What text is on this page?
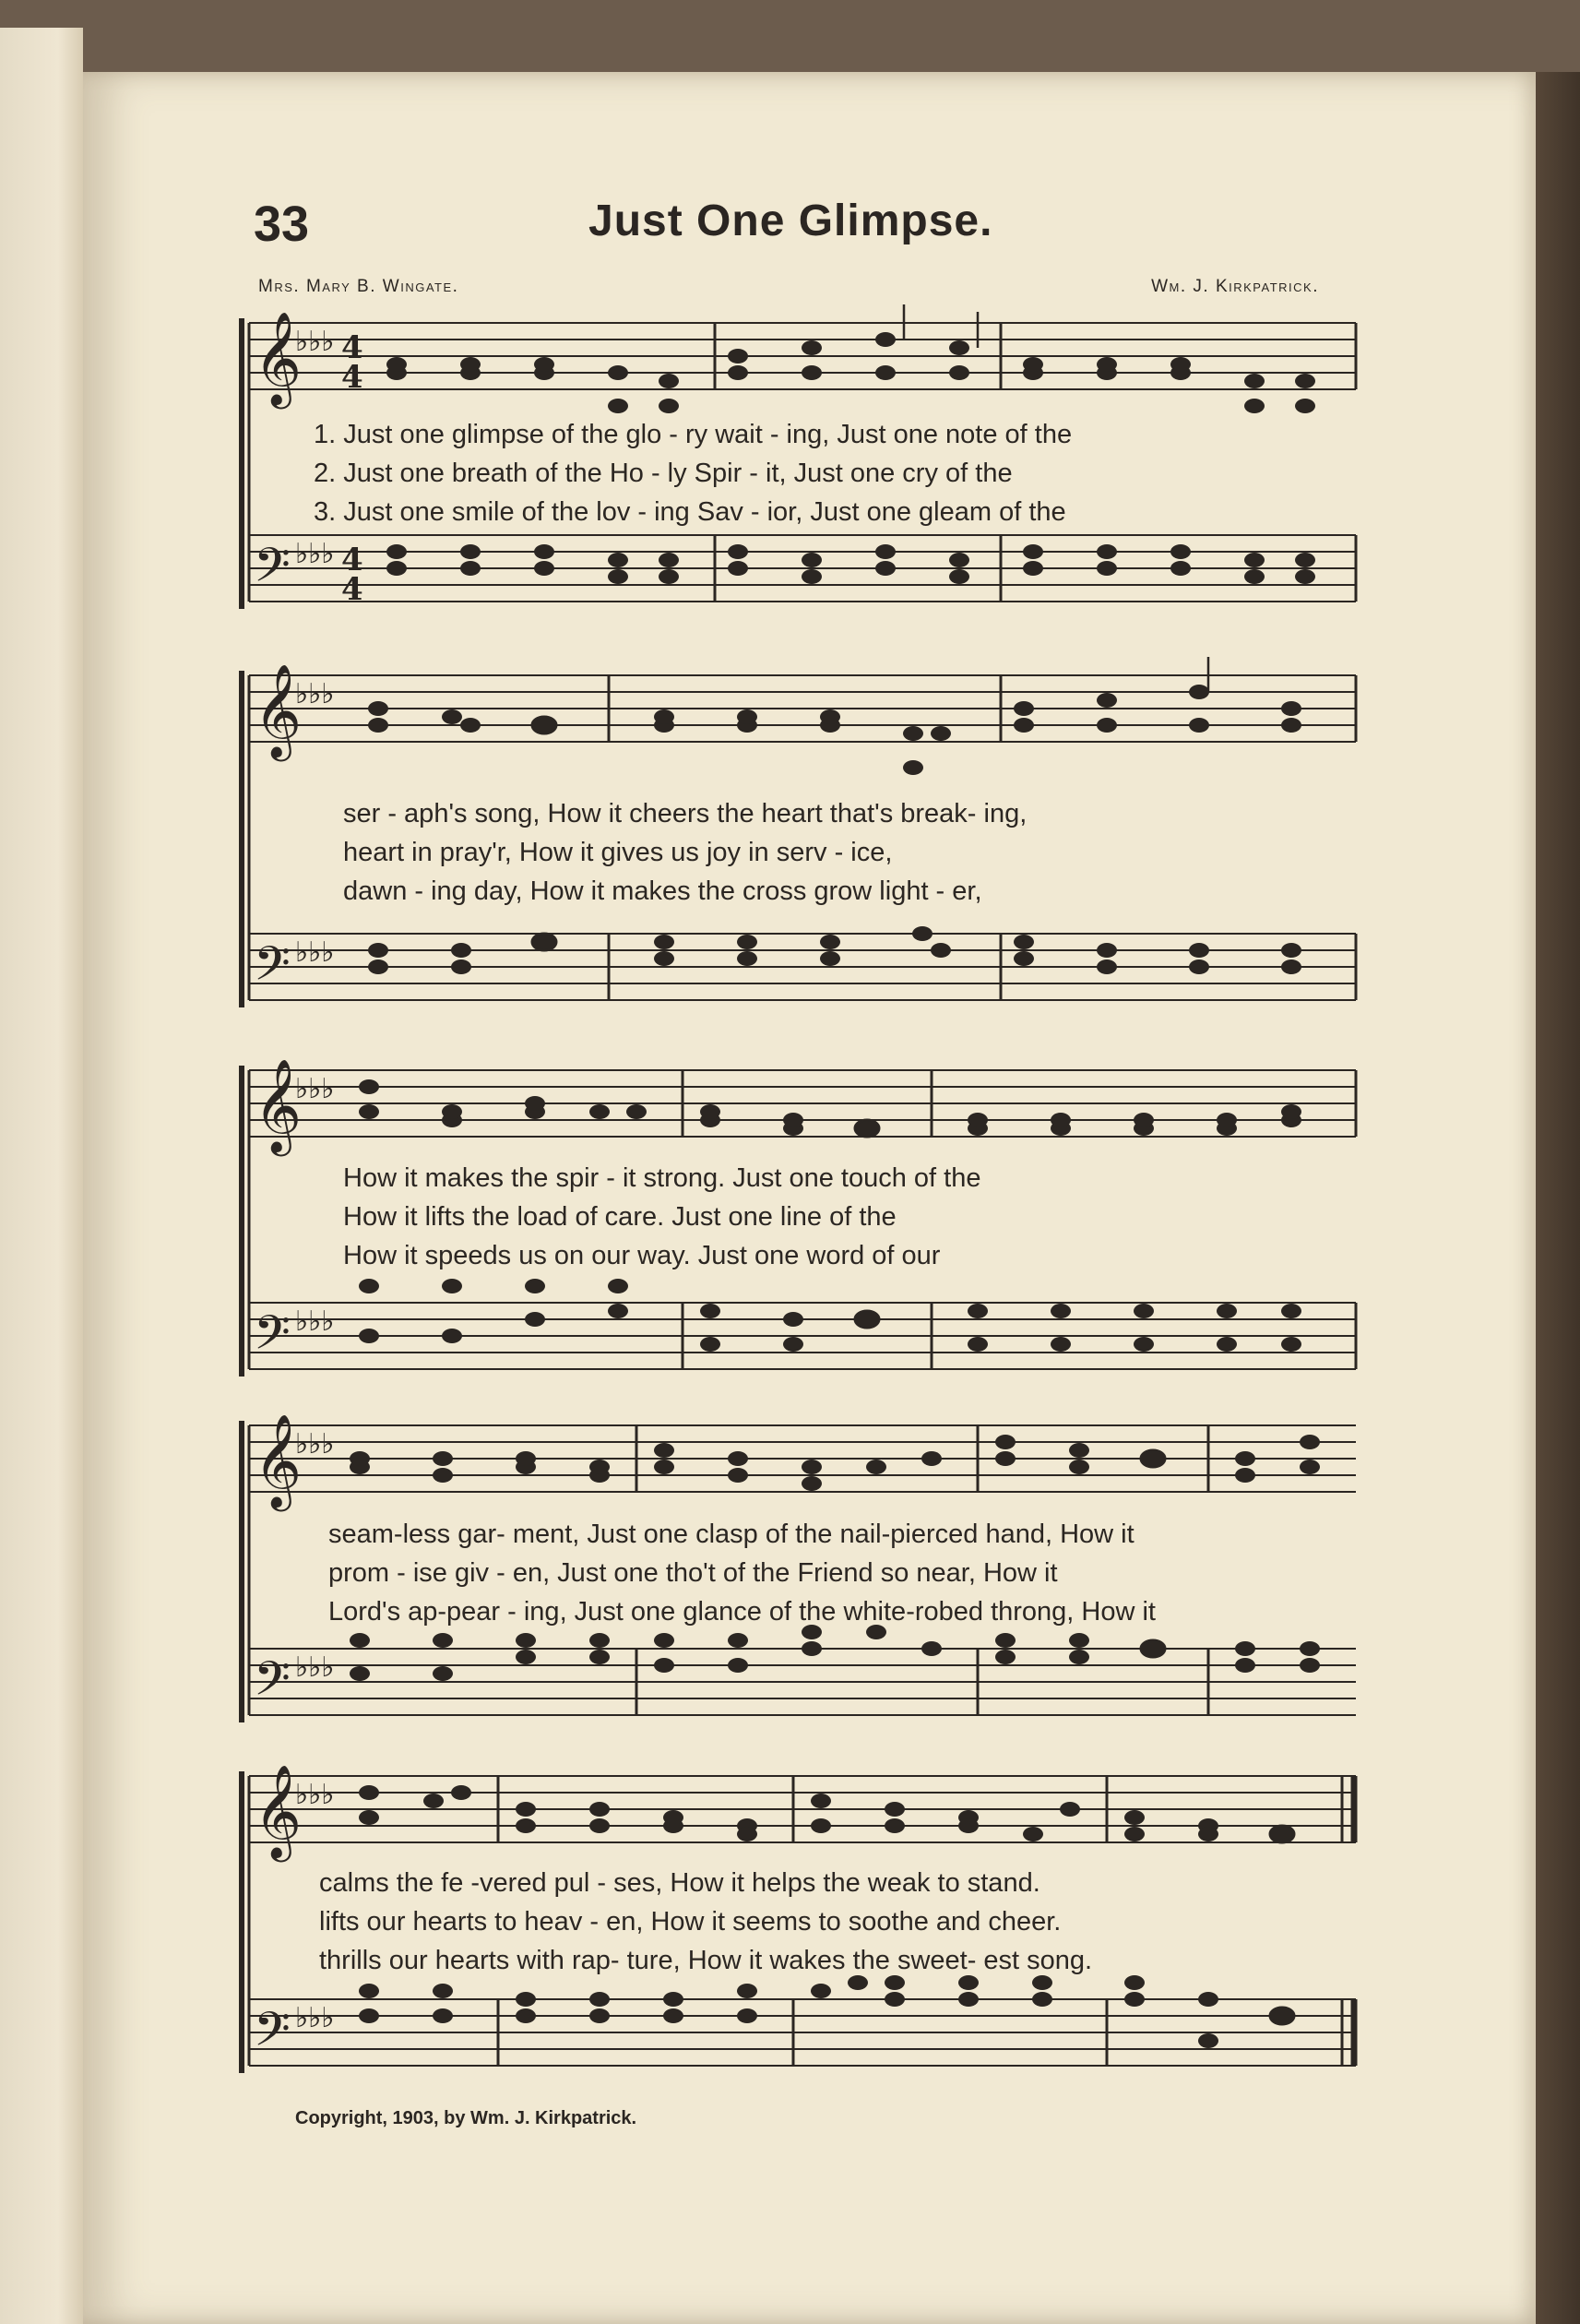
33	Just One Glimpse.
Mrs. Mary B. Wingate.	Wm. J. Kirkpatrick.
𝄞
𝄢
♭♭♭ 4
4
♭♭♭ 4
4
1. Just one glimpse of the glo - ry wait - ing, Just one note of the
2. Just one breath of the Ho - ly Spir - it, Just one cry of the
3. Just one smile of the lov - ing Sav - ior, Just one gleam of the
𝄞
𝄢
♭♭♭
♭♭♭
ser - aph's song, How it cheers the heart that's break- ing,
heart in pray'r, How it gives us joy in serv - ice,
dawn - ing day, How it makes the cross grow light - er,
𝄞
𝄢
♭♭♭
♭♭♭
How it makes the spir - it strong. Just one touch of the
How it lifts the load of care. Just one line of the
How it speeds us on our way. Just one word of our
𝄞
𝄢
♭♭♭
♭♭♭
seam-less gar- ment, Just one clasp of the nail-pierced hand, How it
prom - ise giv - en, Just one tho't of the Friend so near, How it
Lord's ap-pear - ing, Just one glance of the white-robed throng, How it
𝄞
𝄢
♭♭♭
♭♭♭
calms the fe -vered pul - ses, How it helps the weak to stand.
lifts our hearts to heav - en, How it seems to soothe and cheer.
thrills our hearts with rap- ture, How it wakes the sweet- est song.
Copyright, 1903, by Wm. J. Kirkpatrick.
